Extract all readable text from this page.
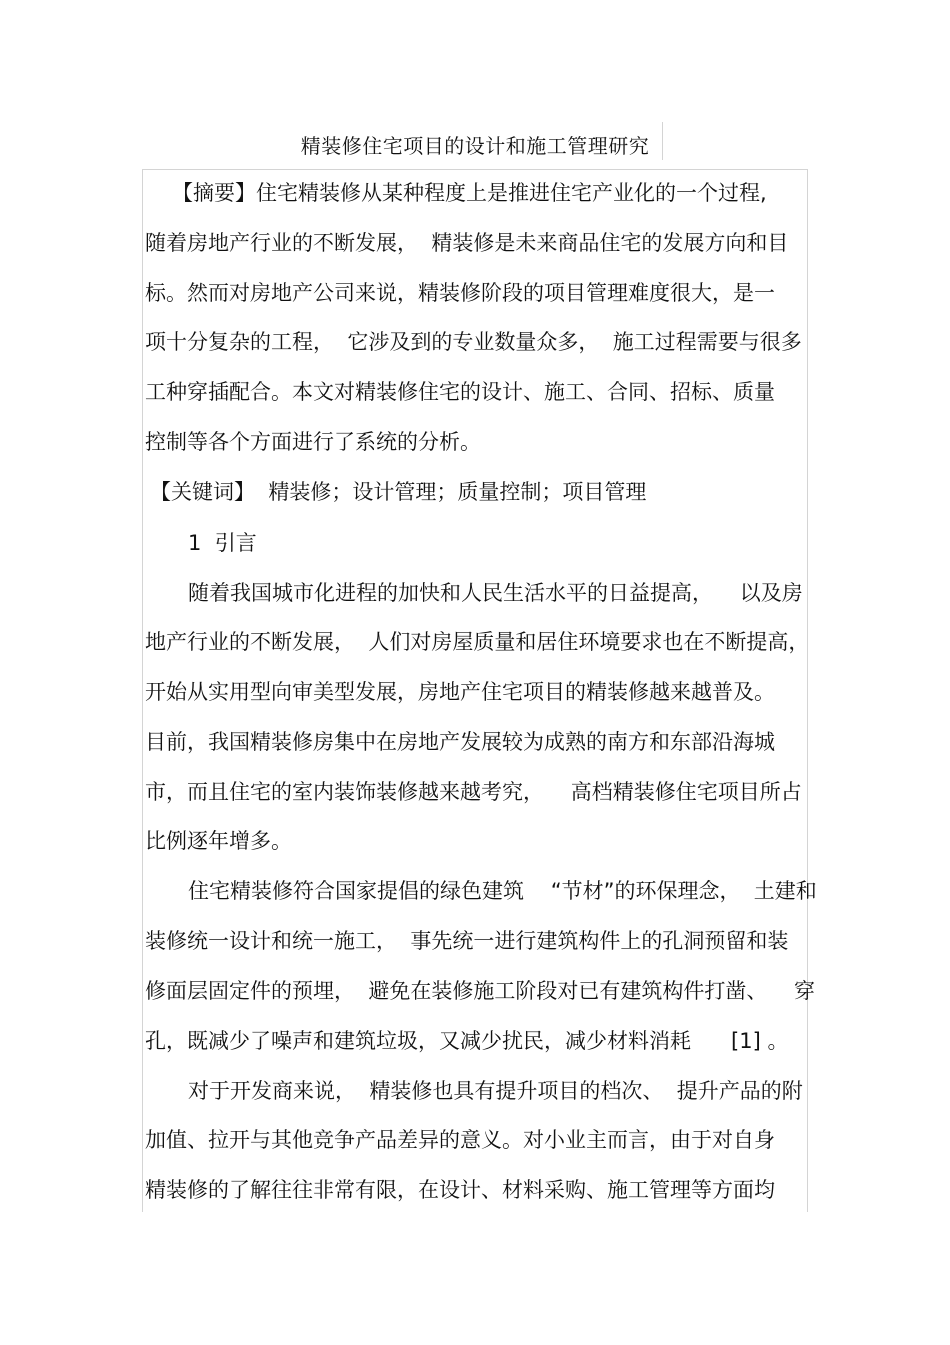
精装修住宅项目的设计和施工管理研究
【摘要】住宅精装修从某种程度上是推进住宅产业化的一个过程,
随着房地产行业的不断发展，  精装修是未来商品住宅的发展方向和目
标。然而对房地产公司来说，精装修阶段的项目管理难度很大，是一
项十分复杂的工程，  它涉及到的专业数量众多，  施工过程需要与很多
工种穿插配合。本文对精装修住宅的设计、施工、合同、招标、质量
控制等各个方面进行了系统的分析。
【关键词】  精装修；设计管理；质量控制；项目管理
1  引言
随着我国城市化进程的加快和人民生活水平的日益提高，    以及房
地产行业的不断发展，  人们对房屋质量和居住环境要求也在不断提高，
开始从实用型向审美型发展，房地产住宅项目的精装修越来越普及。
目前，我国精装修房集中在房地产发展较为成熟的南方和东部沿海城
市，而且住宅的室内装饰装修越来越考究，    高档精装修住宅项目所占
比例逐年增多。
住宅精装修符合国家提倡的绿色建筑    “节材”的环保理念，  土建和
装修统一设计和统一施工，  事先统一进行建筑构件上的孔洞预留和装
修面层固定件的预埋，  避免在装修施工阶段对已有建筑构件打凿、    穿
孔，既减少了噪声和建筑垃圾，又减少扰民，减少材料消耗      [1] 。
对于开发商来说，  精装修也具有提升项目的档次、  提升产品的附
加值、拉开与其他竞争产品差异的意义。对小业主而言，由于对自身
精装修的了解往往非常有限，在设计、材料采购、施工管理等方面均
